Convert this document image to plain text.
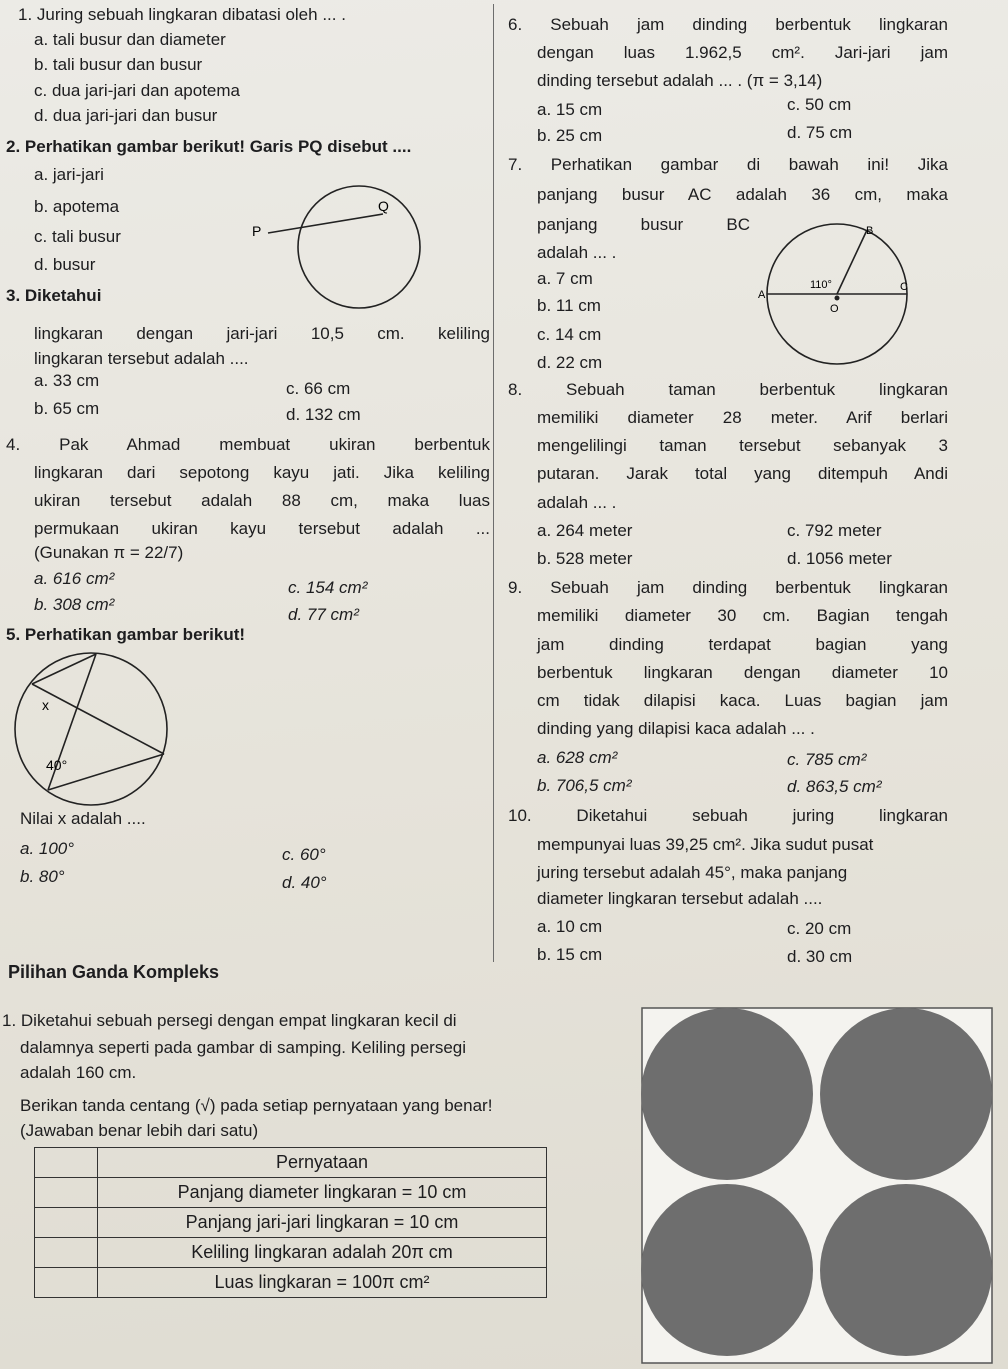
1. Juring sebuah lingkaran dibatasi oleh ... .
a. tali busur dan diameter
b. tali busur dan busur
c. dua jari-jari dan apotema
d. dua jari-jari dan busur
2. Perhatikan gambar berikut! Garis PQ disebut ....
a. jari-jari
b. apotema
c. tali busur
d. busur
P
Q
3. Diketahui
lingkaran dengan jari-jari 10,5 cm. keliling
lingkaran tersebut adalah ....
a. 33 cm
b. 65 cm
c. 66 cm
d. 132 cm
4. Pak Ahmad membuat ukiran berbentuk
lingkaran dari sepotong kayu jati. Jika keliling
ukiran tersebut adalah 88 cm, maka luas
permukaan ukiran kayu tersebut adalah ...
(Gunakan π = 22/7)
a. 616 cm²
b. 308 cm²
c. 154 cm²
d. 77 cm²
5. Perhatikan gambar berikut!
x
40°
Nilai x adalah ....
a. 100°
b. 80°
c. 60°
d. 40°
6. Sebuah jam dinding berbentuk lingkaran
dengan luas 1.962,5 cm². Jari-jari jam
dinding tersebut adalah ... . (π = 3,14)
a. 15 cm
b. 25 cm
c. 50 cm
d. 75 cm
7. Perhatikan gambar di bawah ini! Jika
panjang busur AC adalah 36 cm, maka
panjang busur BC
adalah ... .
a. 7 cm
b. 11 cm
c. 14 cm
d. 22 cm
B
A
C
O
110°
8. Sebuah taman berbentuk lingkaran
memiliki diameter 28 meter. Arif berlari
mengelilingi taman tersebut sebanyak 3
putaran. Jarak total yang ditempuh Andi
adalah ... .
a. 264 meter
b. 528 meter
c. 792 meter
d. 1056 meter
9. Sebuah jam dinding berbentuk lingkaran
memiliki diameter 30 cm. Bagian tengah
jam dinding terdapat bagian yang
berbentuk lingkaran dengan diameter 10
cm tidak dilapisi kaca. Luas bagian jam
dinding yang dilapisi kaca adalah ... .
a. 628 cm²
b. 706,5 cm²
c. 785 cm²
d. 863,5 cm²
10. Diketahui sebuah juring lingkaran
mempunyai luas 39,25 cm². Jika sudut pusat
juring tersebut adalah 45°, maka panjang
diameter lingkaran tersebut adalah ....
a. 10 cm
b. 15 cm
c. 20 cm
d. 30 cm
Pilihan Ganda Kompleks
1. Diketahui sebuah persegi dengan empat lingkaran kecil di
dalamnya seperti pada gambar di samping. Keliling persegi
adalah 160 cm.
Berikan tanda centang (√) pada setiap pernyataan yang benar!
(Jawaban benar lebih dari satu)
	Pernyataan
	Panjang diameter lingkaran = 10 cm
	Panjang jari-jari lingkaran = 10 cm
	Keliling lingkaran adalah 20π cm
	Luas lingkaran = 100π cm²
